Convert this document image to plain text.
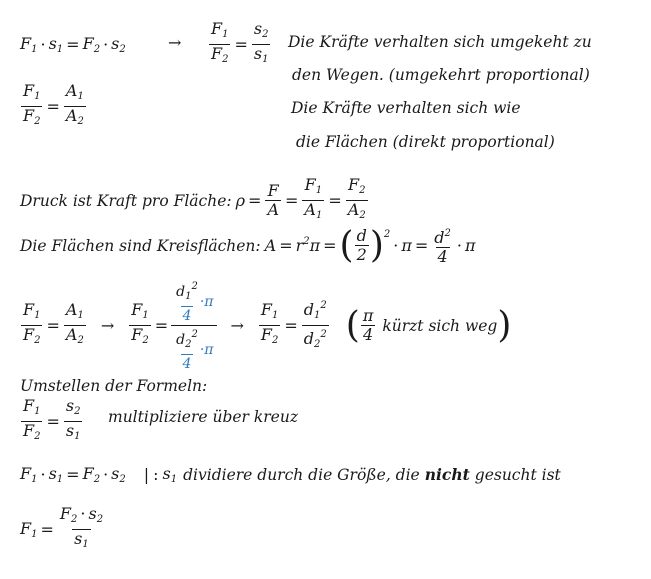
$F_1 \cdot s_1 = F_2 \cdot s_2$	→ $\frac{F_1}{F_2} = \frac{s_2}{s_1}$ Die Kräfte verhalten sich umgekeht zu
den Wegen. (umgekehrt proportional)
$\frac{F_1}{F_2} = \frac{A_1}{A_2}$	Die Kräfte verhalten sich wie
die Flächen (direkt proportional)
Druck ist Kraft pro Fläche: $\rho = \frac{F}{A} = \frac{F_1}{A_1} = \frac{F_2}{A_2}$
Die Flächen sind Kreisflächen: $A = r^2\pi$ = ( $\frac{d}{2} )^2$
· $\pi = \frac{d^2}{4} \cdot \pi$
$\frac{F_1}{F_2} = \frac{A_1}{A_2} \to \frac{F_1}{F_2} = \frac{\frac{d_1^2}{4} \cdot\pi}{\frac{d_2^2}{4} \cdot\pi} \to \frac{F_1}{F_2} = \frac{d_1^2}{d_2^2}$ ( $\frac{\pi}{4}$ kürzt sich weg )
Umstellen der Formeln:
$\frac{F_1}{F_2} = \frac{s_2}{s_1}$ multipliziere über kreuz
$F_1 \cdot s_1 = F_2 \cdot s_2$ | : $s_1$ dividiere durch die Größe, die nicht gesucht ist
$F_1 = \frac{F_2 \cdot s_2}{s_1}$
